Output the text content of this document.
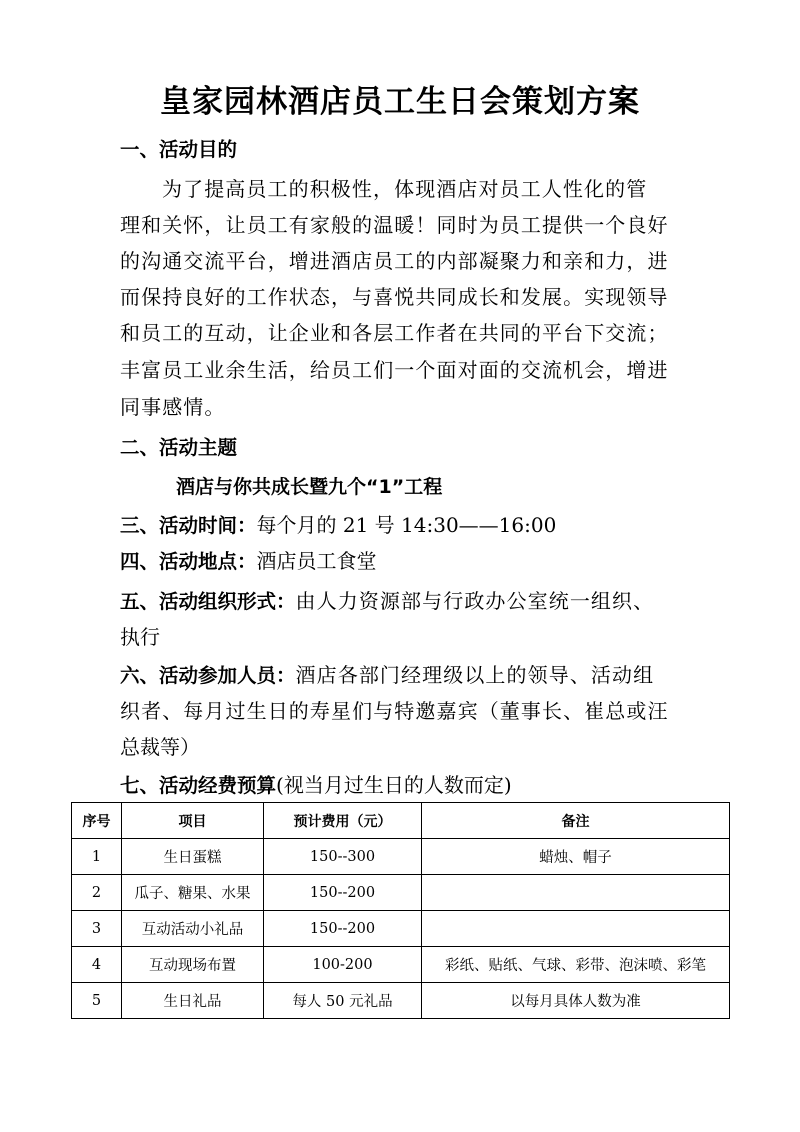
皇家园林酒店员工生日会策划方案
一、活动目的
为了提高员工的积极性，体现酒店对员工人性化的管
理和关怀，让员工有家般的温暖！同时为员工提供一个良好
的沟通交流平台，增进酒店员工的内部凝聚力和亲和力，进
而保持良好的工作状态，与喜悦共同成长和发展。实现领导
和员工的互动，让企业和各层工作者在共同的平台下交流；
丰富员工业余生活，给员工们一个面对面的交流机会，增进
同事感情。
二、活动主题
酒店与你共成长暨九个“1”工程
三、活动时间：每个月的 21 号 14:30——16:00
四、活动地点：酒店员工食堂
五、活动组织形式：由人力资源部与行政办公室统一组织、
执行
六、活动参加人员：酒店各部门经理级以上的领导、活动组
织者、每月过生日的寿星们与特邀嘉宾（董事长、崔总或汪
总裁等）
七、活动经费预算(视当月过生日的人数而定)
序号	项目	预计费用（元）	备注
1	生日蛋糕	150--300	蜡烛、帽子
2	瓜子、糖果、水果	150--200	
3	互动活动小礼品	150--200	
4	互动现场布置	100-200	彩纸、贴纸、气球、彩带、泡沫喷、彩笔
5	生日礼品	每人 50 元礼品	以每月具体人数为准
